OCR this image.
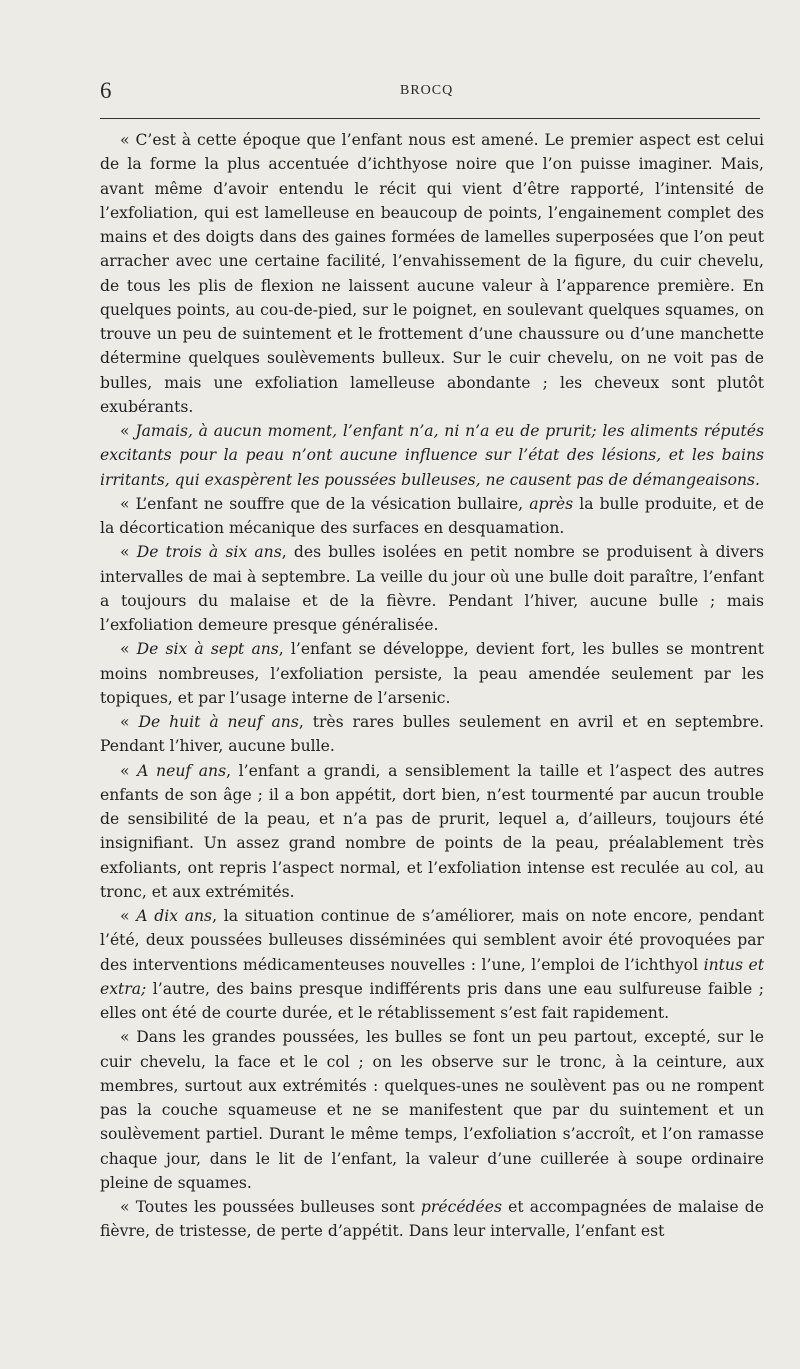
6	BROCQ

« C’est à cette époque que l’enfant nous est amené. Le premier aspect est celui de la forme la plus accentuée d’ichthyose noire que l’on puisse imaginer. Mais, avant même d’avoir entendu le récit qui vient d’être rapporté, l’intensité de l’exfoliation, qui est lamelleuse en beaucoup de points, l’engainement complet des mains et des doigts dans des gaines formées de lamelles superposées que l’on peut arracher avec une certaine facilité, l’envahissement de la figure, du cuir chevelu, de tous les plis de flexion ne laissent aucune valeur à l’apparence première. En quelques points, au cou-de-pied, sur le poignet, en soulevant quelques squames, on trouve un peu de suintement et le frottement d’une chaussure ou d’une manchette détermine quelques soulèvements bulleux. Sur le cuir chevelu, on ne voit pas de bulles, mais une exfoliation lamelleuse abondante ; les cheveux sont plutôt exubérants.

« Jamais, à aucun moment, l’enfant n’a, ni n’a eu de prurit; les aliments réputés excitants pour la peau n’ont aucune influence sur l’état des lésions, et les bains irritants, qui exaspèrent les poussées bulleuses, ne causent pas de démangeaisons.

« L’enfant ne souffre que de la vésication bullaire, après la bulle produite, et de la décortication mécanique des surfaces en desquamation.

« De trois à six ans, des bulles isolées en petit nombre se produisent à divers intervalles de mai à septembre. La veille du jour où une bulle doit paraître, l’enfant a toujours du malaise et de la fièvre. Pendant l’hiver, aucune bulle ; mais l’exfoliation demeure presque généralisée.

« De six à sept ans, l’enfant se développe, devient fort, les bulles se montrent moins nombreuses, l’exfoliation persiste, la peau amendée seulement par les topiques, et par l’usage interne de l’arsenic.

« De huit à neuf ans, très rares bulles seulement en avril et en septembre. Pendant l’hiver, aucune bulle.

« A neuf ans, l’enfant a grandi, a sensiblement la taille et l’aspect des autres enfants de son âge ; il a bon appétit, dort bien, n’est tourmenté par aucun trouble de sensibilité de la peau, et n’a pas de prurit, lequel a, d’ailleurs, toujours été insignifiant. Un assez grand nombre de points de la peau, préalablement très exfoliants, ont repris l’aspect normal, et l’exfoliation intense est reculée au col, au tronc, et aux extrémités.

« A dix ans, la situation continue de s’améliorer, mais on note encore, pendant l’été, deux poussées bulleuses disséminées qui semblent avoir été provoquées par des interventions médicamenteuses nouvelles : l’une, l’emploi de l’ichthyol intus et extra; l’autre, des bains presque indifférents pris dans une eau sulfureuse faible ; elles ont été de courte durée, et le rétablissement s’est fait rapidement.

« Dans les grandes poussées, les bulles se font un peu partout, excepté, sur le cuir chevelu, la face et le col ; on les observe sur le tronc, à la ceinture, aux membres, surtout aux extrémités : quelques-unes ne soulèvent pas ou ne rompent pas la couche squameuse et ne se manifestent que par du suintement et un soulèvement partiel. Durant le même temps, l’exfoliation s’accroît, et l’on ramasse chaque jour, dans le lit de l’enfant, la valeur d’une cuillerée à soupe ordinaire pleine de squames.

« Toutes les poussées bulleuses sont précédées et accompagnées de malaise de fièvre, de tristesse, de perte d’appétit. Dans leur intervalle, l’enfant est
